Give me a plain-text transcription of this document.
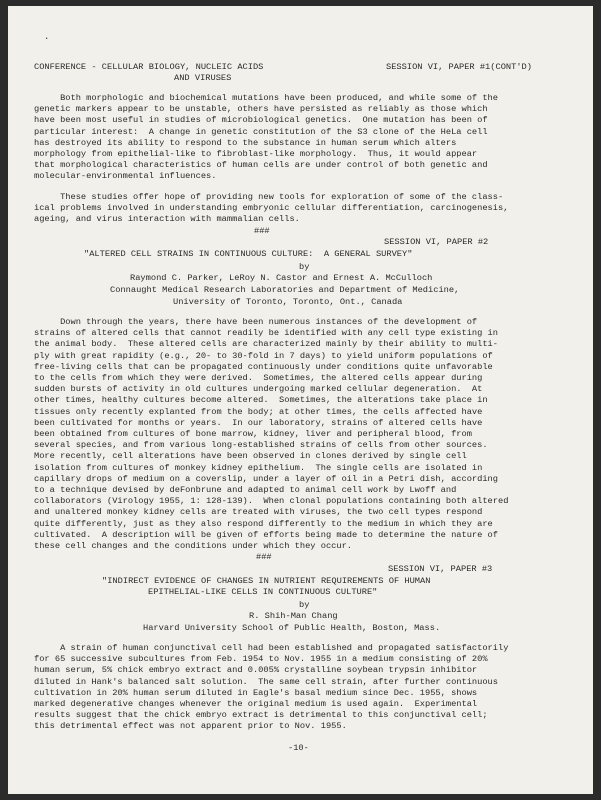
·
CONFERENCE - CELLULAR BIOLOGY, NUCLEIC ACIDS
AND VIRUSES
SESSION VI, PAPER #1(CONT'D)
Both morphologic and biochemical mutations have been produced, and while some of the
genetic markers appear to be unstable, others have persisted as reliably as those which
have been most useful in studies of microbiological genetics.  One mutation has been of
particular interest:  A change in genetic constitution of the S3 clone of the HeLa cell
has destroyed its ability to respond to the substance in human serum which alters
morphology from epithelial-like to fibroblast-like morphology.  Thus, it would appear
that morphological characteristics of human cells are under control of both genetic and
molecular-environmental influences.
These studies offer hope of providing new tools for exploration of some of the class-
ical problems involved in understanding embryonic cellular differentiation, carcinogenesis,
ageing, and virus interaction with mammalian cells.
###
SESSION VI, PAPER #2
"ALTERED CELL STRAINS IN CONTINUOUS CULTURE:  A GENERAL SURVEY"
by
Raymond C. Parker, LeRoy N. Castor and Ernest A. McCulloch
Connaught Medical Research Laboratories and Department of Medicine,
University of Toronto, Toronto, Ont., Canada
Down through the years, there have been numerous instances of the development of
strains of altered cells that cannot readily be identified with any cell type existing in
the animal body.  These altered cells are characterized mainly by their ability to multi-
ply with great rapidity (e.g., 20- to 30-fold in 7 days) to yield uniform populations of
free-living cells that can be propagated continuously under conditions quite unfavorable
to the cells from which they were derived.  Sometimes, the altered cells appear during
sudden bursts of activity in old cultures undergoing marked cellular degeneration.  At
other times, healthy cultures become altered.  Sometimes, the alterations take place in
tissues only recently explanted from the body; at other times, the cells affected have
been cultivated for months or years.  In our laboratory, strains of altered cells have
been obtained from cultures of bone marrow, kidney, liver and peripheral blood, from
several species, and from various long-established strains of cells from other sources.
More recently, cell alterations have been observed in clones derived by single cell
isolation from cultures of monkey kidney epithelium.  The single cells are isolated in
capillary drops of medium on a coverslip, under a layer of oil in a Petri dish, according
to a technique devised by deFonbrune and adapted to animal cell work by Lwoff and
collaborators (Virology 1955, 1: 128-139).  When clonal populations containing both altered
and unaltered monkey kidney cells are treated with viruses, the two cell types respond
quite differently, just as they also respond differently to the medium in which they are
cultivated.  A description will be given of efforts being made to determine the nature of
these cell changes and the conditions under which they occur.
###
SESSION VI, PAPER #3
"INDIRECT EVIDENCE OF CHANGES IN NUTRIENT REQUIREMENTS OF HUMAN
EPITHELIAL-LIKE CELLS IN CONTINUOUS CULTURE"
by
R. Shih-Man Chang
Harvard University School of Public Health, Boston, Mass.
A strain of human conjunctival cell had been established and propagated satisfactorily
for 65 successive subcultures from Feb. 1954 to Nov. 1955 in a medium consisting of 20%
human serum, 5% chick embryo extract and 0.005% crystalline soybean trypsin inhibitor
diluted in Hank's balanced salt solution.  The same cell strain, after further continuous
cultivation in 20% human serum diluted in Eagle's basal medium since Dec. 1955, shows
marked degenerative changes whenever the original medium is used again.  Experimental
results suggest that the chick embryo extract is detrimental to this conjunctival cell;
this detrimental effect was not apparent prior to Nov. 1955.
-10-
